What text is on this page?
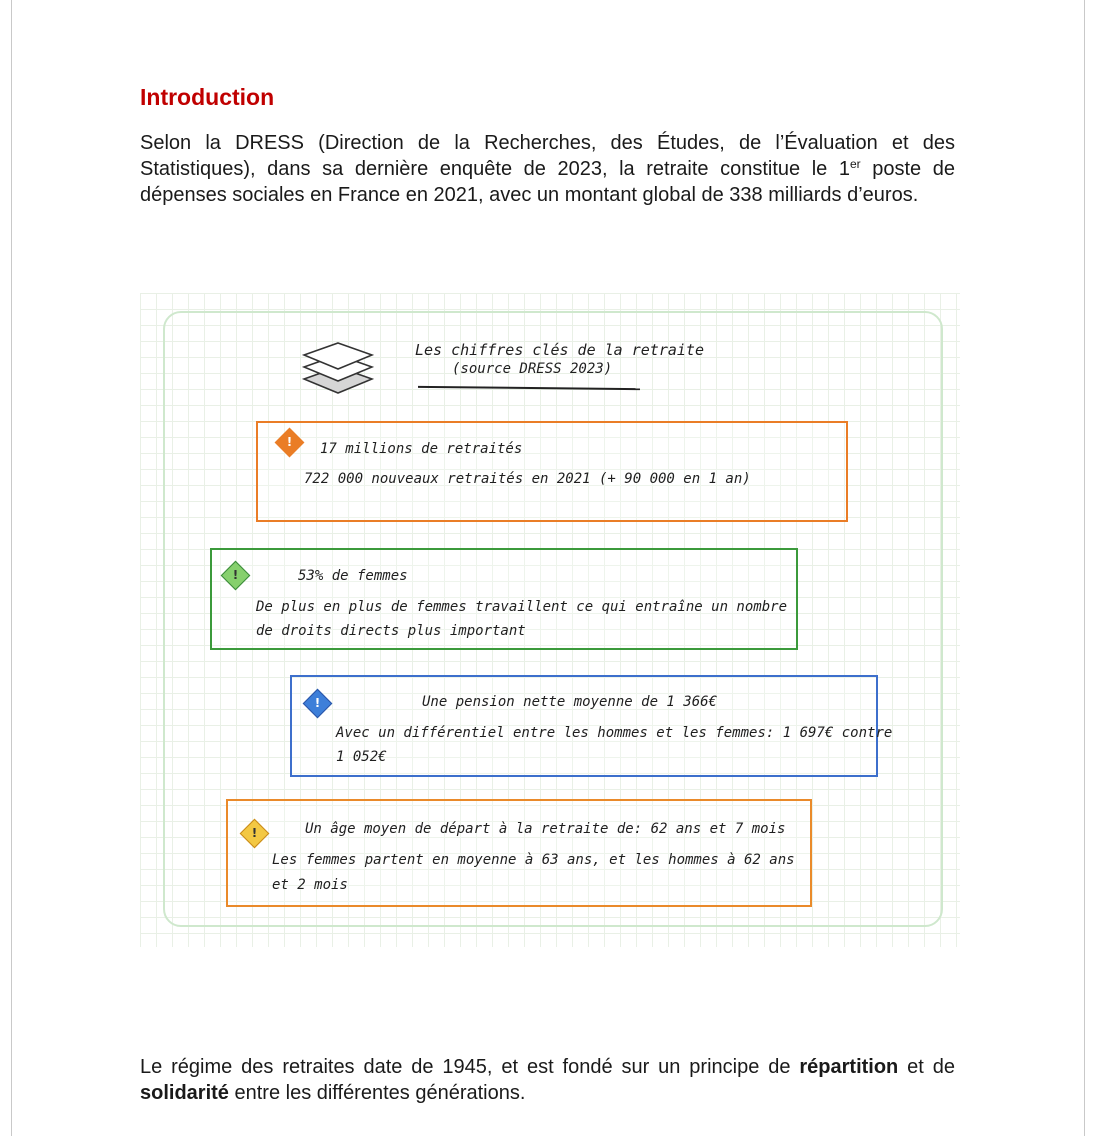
Introduction
Selon la DRESS (Direction de la Recherches, des Études, de l’Évaluation et des Statistiques), dans sa dernière enquête de 2023, la retraite constitue le 1er poste de dépenses sociales en France en 2021, avec un montant global de 338 milliards d’euros.
Les chiffres clés de la retraite
(source DRESS 2023)
!	17 millions de retraités
722 000 nouveaux retraités en 2021 (+ 90 000 en 1 an)
!	53% de femmes
De plus en plus de femmes travaillent ce qui entraîne un nombre
de droits directs plus important
!	Une pension nette moyenne de 1 366€
Avec un différentiel entre les hommes et les femmes: 1 697€ contre
1 052€
!	Un âge moyen de départ à la retraite de: 62 ans et 7 mois
Les femmes partent en moyenne à 63 ans, et les hommes à 62 ans
et 2 mois
Le régime des retraites date de 1945, et est fondé sur un principe de répartition et de solidarité entre les différentes générations.
